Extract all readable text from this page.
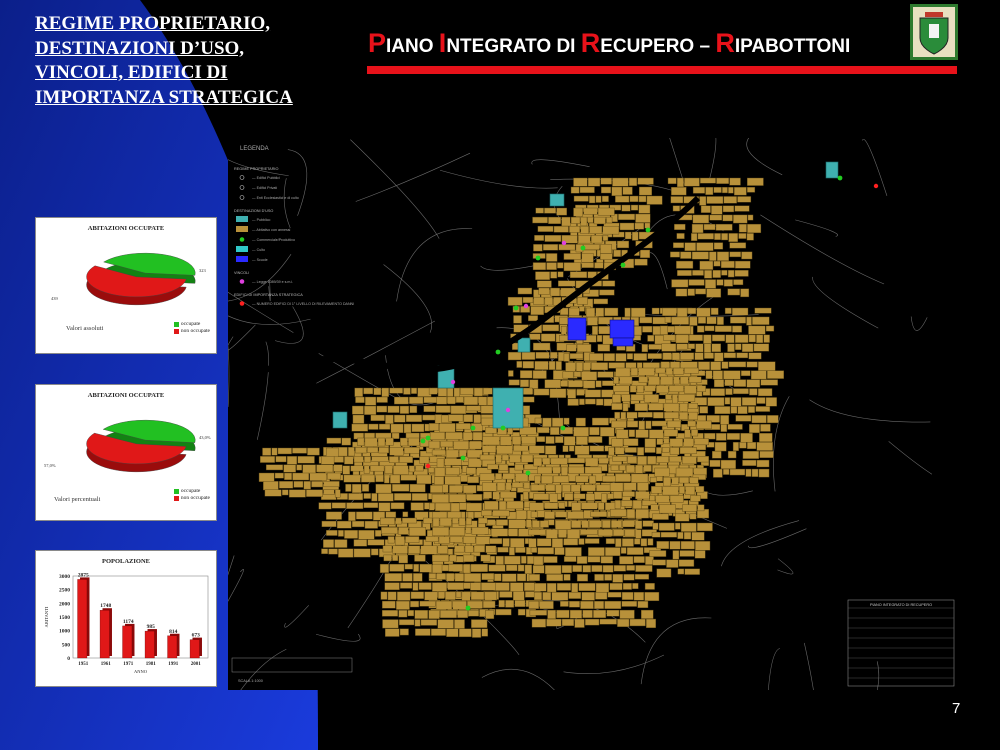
REGIME PROPRIETARIO, DESTINAZIONI D’USO, VINCOLI, EDIFICI DI IMPORTANZA STRATEGICA
PIANO INTEGRATO DI RECUPERO – RIPABOTTONI
ABITAZIONI OCCUPATE
323
439
Valori assoluti
occupate
non occupate
ABITAZIONI OCCUPATE
43,0%
57,0%
Valori percentuali
occupate
non occupate
POPOLAZIONE
0
500
1000
1500
2000
2500
3000
ABITANTI
2875
1951
1748
1961
1174
1971
985
1981
814
1991
673
2001
ANNO
LEGENDA
REGIME PROPRIETARIO
— Edifici Pubblici
— Edifici Privati
— Enti Ecclesiastici e di culto
DESTINAZIONI D'USO
— Pubblico
— Abitativo con annessi
— Commerciale/Produttivo
— Culto
— Scuole
VINCOLI
— Legge 1089/39 e s.m.i.
EDIFICI DI IMPORTANZA STRATEGICA
— NUMERO EDIFICI DI 1° LIVELLO DI RILEVAMENTO DANNI
PIANO INTEGRATO DI RECUPERO
SCALA 1:1000
7
